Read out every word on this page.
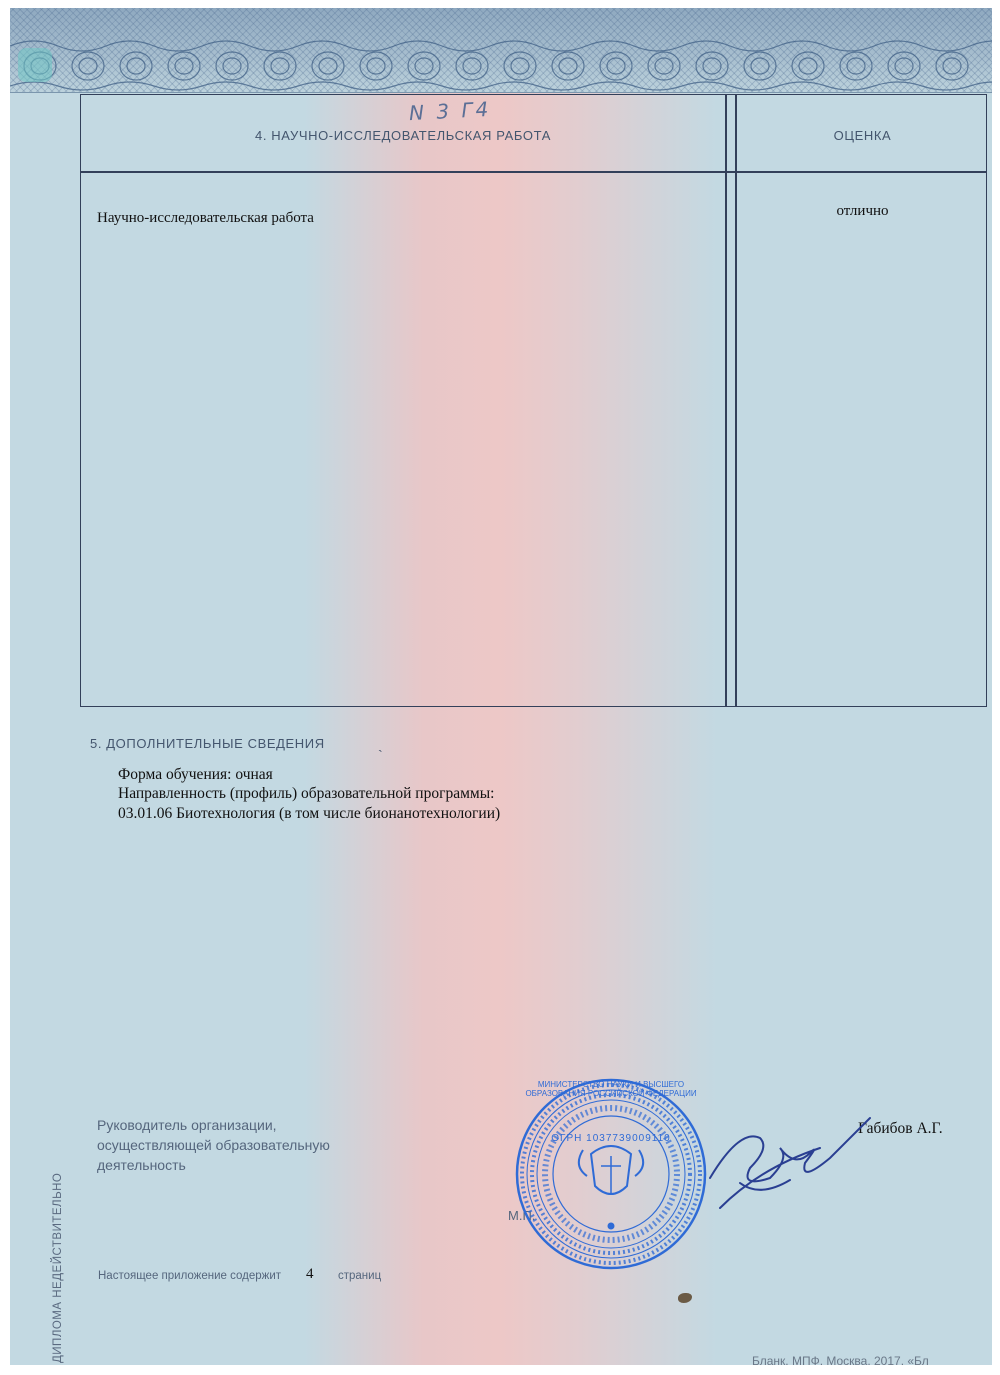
N 3 Г4
4. НАУЧНО-ИССЛЕДОВАТЕЛЬСКАЯ РАБОТА	ОЦЕНКА
Научно-исследовательская работа	отлично
5. ДОПОЛНИТЕЛЬНЫЕ СВЕДЕНИЯ	ˎ
Форма обучения: очная
Направленность (профиль) образовательной программы:
03.01.06 Биотехнология (в том числе бионанотехнологии)
Руководитель организации,
осуществляющей образовательную
деятельность
Габибов А.Г.
М.П.
МИНИСТЕРСТВО НАУКИ И ВЫСШЕГО ОБРАЗОВАНИЯ РОССИЙСКОЙ ФЕДЕРАЦИИ
ОГРН 1037739009110
Настоящее приложение содержит 4 страниц
ДИПЛОМА НЕДЕЙСТВИТЕЛЬНО	Бланк. МПФ. Москва. 2017. «Бл
